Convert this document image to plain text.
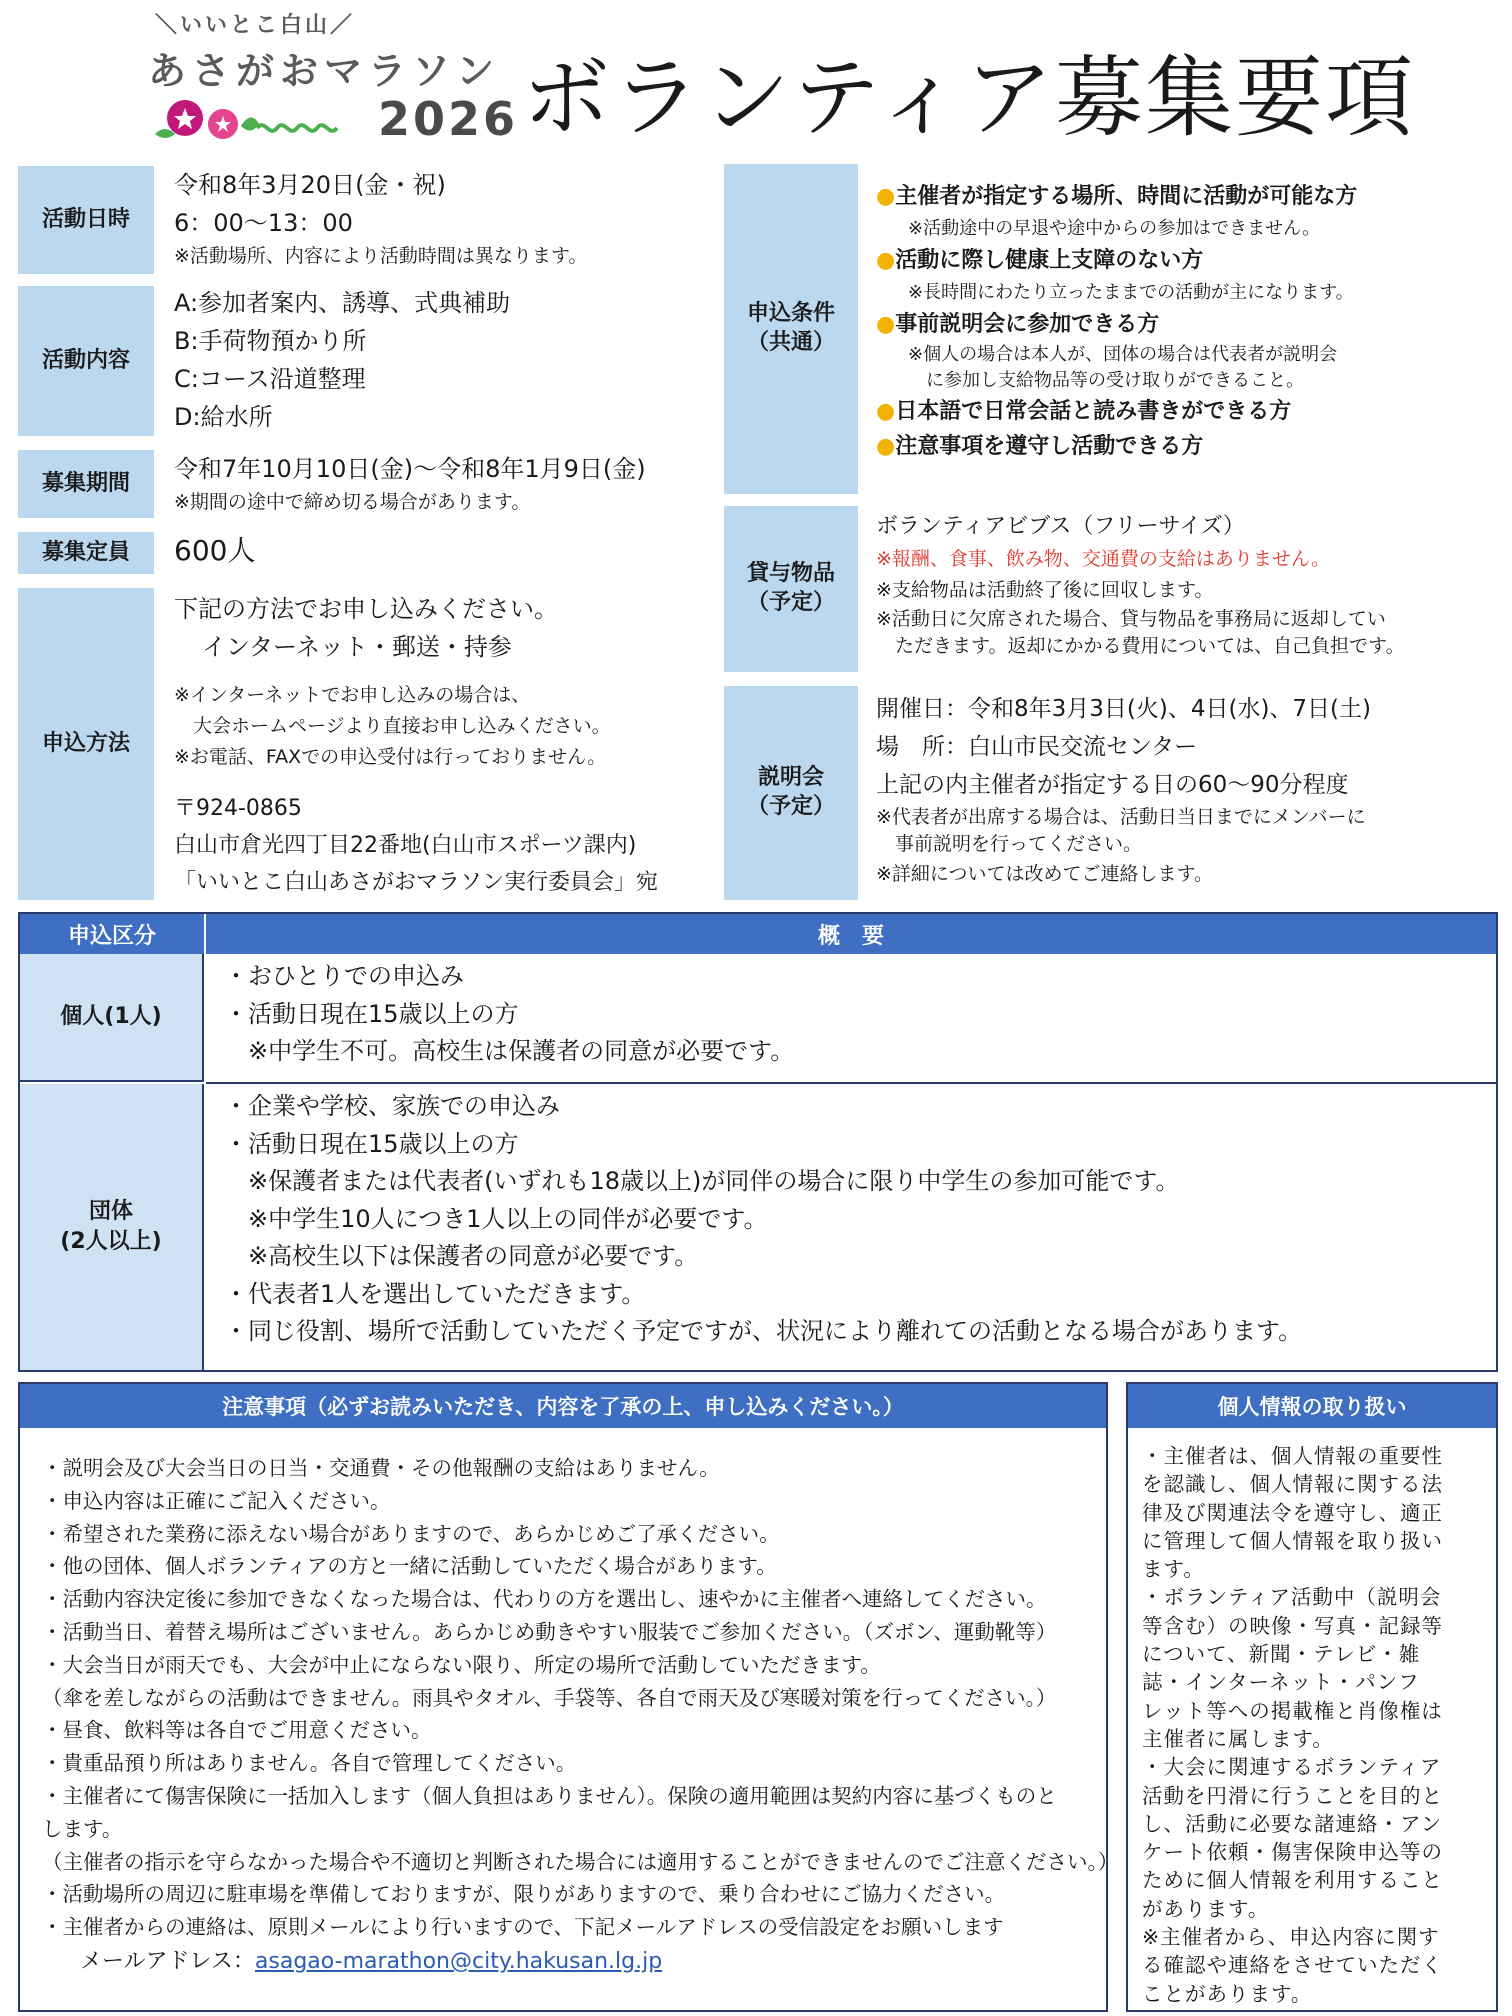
＼いいとこ白山／
あさがおマラソン
2026 ボランティア募集要項
活動日時
令和8年3月20日(金・祝)
6：00〜13：00
※活動場所、内容により活動時間は異なります。
活動内容
A:参加者案内、誘導、式典補助
B:手荷物預かり所
C:コース沿道整理
D:給水所
募集期間
令和7年10月10日(金)〜令和8年1月9日(金)
※期間の途中で締め切る場合があります。
募集定員	600人
申込方法
下記の方法でお申し込みください。
インターネット・郵送・持参
※インターネットでお申し込みの場合は、
　大会ホームページより直接お申し込みください。
※お電話、FAXでの申込受付は行っておりません。
〒924-0865
白山市倉光四丁目22番地(白山市スポーツ課内)
「いいとこ白山あさがおマラソン実行委員会」宛
申込条件
（共通）
●主催者が指定する場所、時間に活動が可能な方
※活動途中の早退や途中からの参加はできません。
●活動に際し健康上支障のない方
※長時間にわたり立ったままでの活動が主になります。
●事前説明会に参加できる方
※個人の場合は本人が、団体の場合は代表者が説明会
　に参加し支給物品等の受け取りができること。
●日本語で日常会話と読み書きができる方
●注意事項を遵守し活動できる方
貸与物品
（予定）
ボランティアビブス（フリーサイズ）
※報酬、食事、飲み物、交通費の支給はありません。
※支給物品は活動終了後に回収します。
※活動日に欠席された場合、貸与物品を事務局に返却してい
　ただきます。返却にかかる費用については、自己負担です。
説明会
（予定）
開催日：令和8年3月3日(火)、4日(水)、7日(土)
場　所：白山市民交流センター
上記の内主催者が指定する日の60〜90分程度
※代表者が出席する場合は、活動日当日までにメンバーに
　事前説明を行ってください。
※詳細については改めてご連絡します。
申込区分	概　要
個人(1人)
・おひとりでの申込み
・活動日現在15歳以上の方
　※中学生不可。高校生は保護者の同意が必要です。
団体
(2人以上)
・企業や学校、家族での申込み
・活動日現在15歳以上の方
　※保護者または代表者(いずれも18歳以上)が同伴の場合に限り中学生の参加可能です。
　※中学生10人につき1人以上の同伴が必要です。
　※高校生以下は保護者の同意が必要です。
・代表者1人を選出していただきます。
・同じ役割、場所で活動していただく予定ですが、状況により離れての活動となる場合があります。
注意事項（必ずお読みいただき、内容を了承の上、申し込みください。）
・説明会及び大会当日の日当・交通費・その他報酬の支給はありません。
・申込内容は正確にご記入ください。
・希望された業務に添えない場合がありますので、あらかじめご了承ください。
・他の団体、個人ボランティアの方と一緒に活動していただく場合があります。
・活動内容決定後に参加できなくなった場合は、代わりの方を選出し、速やかに主催者へ連絡してください。
・活動当日、着替え場所はございません。あらかじめ動きやすい服装でご参加ください。（ズボン、運動靴等）
・大会当日が雨天でも、大会が中止にならない限り、所定の場所で活動していただきます。
（傘を差しながらの活動はできません。雨具やタオル、手袋等、各自で雨天及び寒暖対策を行ってください。）
・昼食、飲料等は各自でご用意ください。
・貴重品預り所はありません。各自で管理してください。
・主催者にて傷害保険に一括加入します（個人負担はありません）。保険の適用範囲は契約内容に基づくものと
します。
（主催者の指示を守らなかった場合や不適切と判断された場合には適用することができませんのでご注意ください。）
・活動場所の周辺に駐車場を準備しておりますが、限りがありますので、乗り合わせにご協力ください。
・主催者からの連絡は、原則メールにより行いますので、下記メールアドレスの受信設定をお願いします
メールアドレス：asagao-marathon@city.hakusan.lg.jp
個人情報の取り扱い
・主催者は、個人情報の重要性
を認識し、個人情報に関する法
律及び関連法令を遵守し、適正
に管理して個人情報を取り扱い
ます。
・ボランティア活動中（説明会
等含む）の映像・写真・記録等
について、新聞・テレビ・雑
誌・インターネット・パンフ
レット等への掲載権と肖像権は
主催者に属します。
・大会に関連するボランティア
活動を円滑に行うことを目的と
し、活動に必要な諸連絡・アン
ケート依頼・傷害保険申込等の
ために個人情報を利用すること
があります。
※主催者から、申込内容に関す
る確認や連絡をさせていただく
ことがあります。
